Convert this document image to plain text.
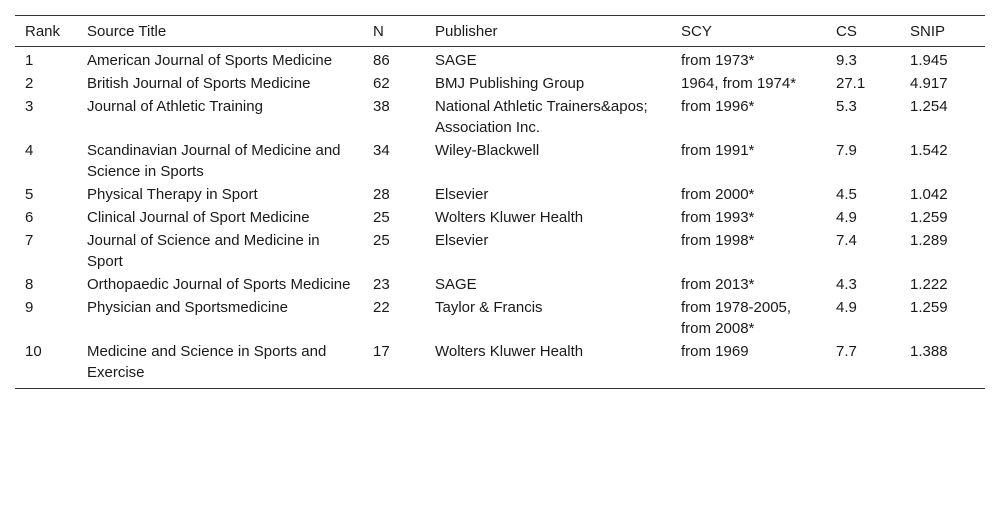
Rank	Source Title	N	Publisher	SCY	CS	SNIP
1	American Journal of Sports Medicine	86	SAGE	from 1973*	9.3	1.945
2	British Journal of Sports Medicine	62	BMJ Publishing Group	1964, from 1974*	27.1	4.917
3	Journal of Athletic Training	38	National Athletic Trainers&apos; Association Inc.	from 1996*	5.3	1.254
4	Scandinavian Journal of Medicine and Science in Sports	34	Wiley-Blackwell	from 1991*	7.9	1.542
5	Physical Therapy in Sport	28	Elsevier	from 2000*	4.5	1.042
6	Clinical Journal of Sport Medicine	25	Wolters Kluwer Health	from 1993*	4.9	1.259
7	Journal of Science and Medicine in Sport	25	Elsevier	from 1998*	7.4	1.289
8	Orthopaedic Journal of Sports Medicine	23	SAGE	from 2013*	4.3	1.222
9	Physician and Sportsmedicine	22	Taylor & Francis	from 1978-2005, from 2008*	4.9	1.259
10	Medicine and Science in Sports and Exercise	17	Wolters Kluwer Health	from 1969	7.7	1.388
